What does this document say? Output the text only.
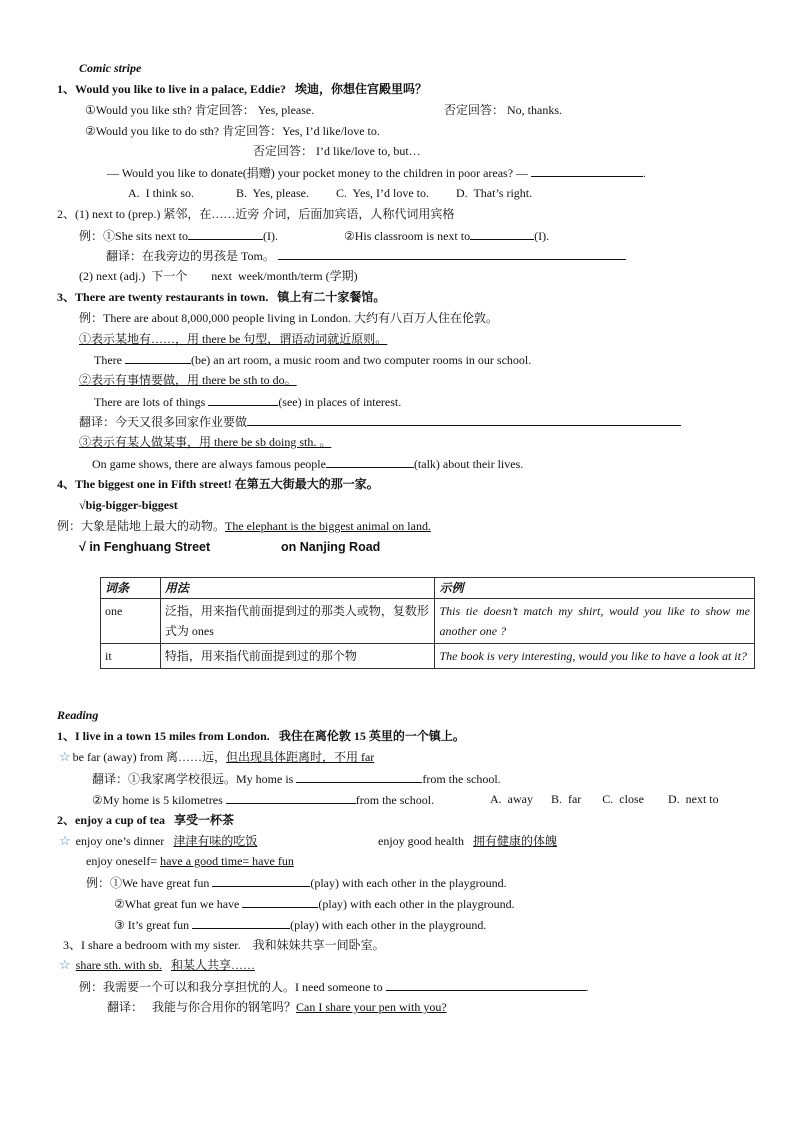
Comic stripe
1、Would you like to live in a palace, Eddie? 埃迪，你想住宫殿里吗？
①Would you like sth? 肯定回答： Yes, please.	否定回答： No, thanks.
②Would you like to do sth? 肯定回答：Yes, I’d like/love to.
否定回答： I’d like/love to, but…
— Would you like to donate(捐赠) your pocket money to the children in poor areas? —	.
A.  I think so.              B.  Yes, please.         C.  Yes, I’d love to.         D.  That’s right.
2、(1) next to (prep.) 紧邻，在……近旁 介词，后面加宾语，人称代词用宾格
例：①She sits next to	(I).	②His classroom is next to	(I).
翻译：在我旁边的男孩是 Tom。
(2) next (adj.)  下一个        next  week/month/term (学期)
3、There are twenty restaurants in town. 镇上有二十家餐馆。
例：There are about 8,000,000 people living in London. 大约有八百万人住在伦敦。
①表示某地有……，用 there be 句型，谓语动词就近原则。
There	(be) an art room, a music room and two computer rooms in our school.
②表示有事情要做，用 there be sth to do。
There are lots of things	(see) in places of interest.
翻译：今天又很多回家作业要做
③表示有某人做某事，用 there be sb doing sth. 。
On game shows, there are always famous people	(talk) about their lives.
4、The biggest one in Fifth street! 在第五大街最大的那一家。
√big-bigger-biggest
例：大象是陆地上最大的动物。The elephant is the biggest animal on land.
√ in Fenghuang Street	on Nanjing Road
词条	用法	示例
one	泛指，用来指代前面提到过的那类人或物，复数形式为 ones	This tie doesn’t match my shirt, would you like to show me another one ?
it	特指，用来指代前面提到过的那个物	The book is very interesting, would you like to have a look at it?
Reading
1、I live in a town 15 miles from London. 我住在离伦敦 15 英里的一个镇上。
☆ be far (away) from 离……远，但出现具体距离时，不用 far
翻译：①我家离学校很远。My home is	from the school.
②My home is 5 kilometres	from the school.	A.  away      B.  far       C.  close        D.  next to
2、enjoy a cup of tea 享受一杯茶
☆ enjoy one’s dinner 津津有味的吃饭	enjoy good health 拥有健康的体魄
enjoy oneself= have a good time= have fun
例：①We have great fun	(play) with each other in the playground.
②What great fun we have	(play) with each other in the playground.
③ It’s great fun	(play) with each other in the playground.
3、I share a bedroom with my sister.    我和妹妹共享一间卧室。
☆ share sth. with sb. 和某人共享……
例：我需要一个可以和我分享担忧的人。I need someone to	.
翻译：   我能与你合用你的钢笔吗？Can I share your pen with you?
